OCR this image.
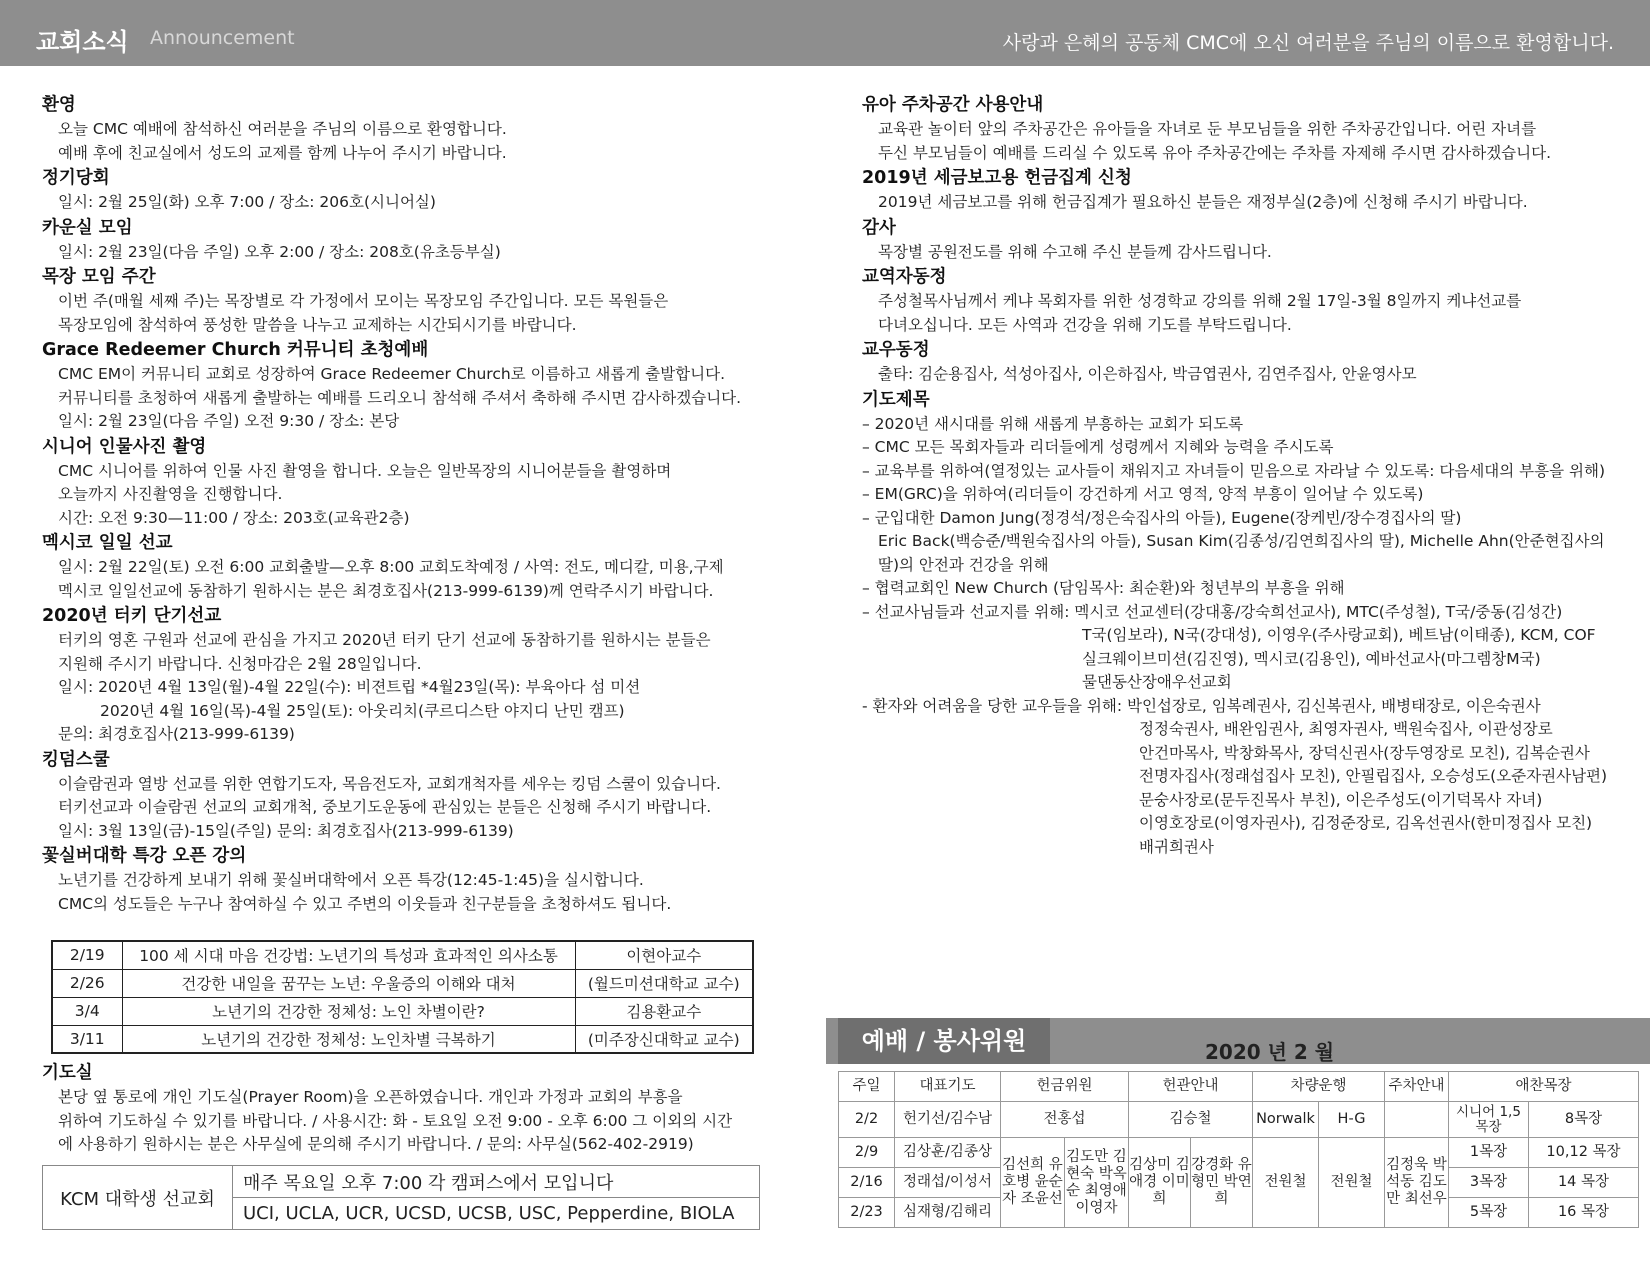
교회소식 Announcement	사랑과 은혜의 공동체 CMC에 오신 여러분을 주님의 이름으로 환영합니다.
환영
오늘 CMC 예배에 참석하신 여러분을 주님의 이름으로 환영합니다.
예배 후에 친교실에서 성도의 교제를 함께 나누어 주시기 바랍니다.
정기당회
일시: 2월 25일(화) 오후 7:00 / 장소: 206호(시니어실)
카운실 모임
일시: 2월 23일(다음 주일) 오후 2:00 / 장소: 208호(유초등부실)
목장 모임 주간
이번 주(매월 세째 주)는 목장별로 각 가정에서 모이는 목장모임 주간입니다. 모든 목원들은
목장모임에 참석하여 풍성한 말씀을 나누고 교제하는 시간되시기를 바랍니다.
Grace Redeemer Church 커뮤니티 초청예배
CMC EM이 커뮤니티 교회로 성장하여 Grace Redeemer Church로 이름하고 새롭게 출발합니다.
커뮤니티를 초청하여 새롭게 출발하는 예배를 드리오니 참석해 주셔서 축하해 주시면 감사하겠습니다.
일시: 2월 23일(다음 주일) 오전 9:30 / 장소: 본당
시니어 인물사진 촬영
CMC 시니어를 위하여 인물 사진 촬영을 합니다. 오늘은 일반목장의 시니어분들을 촬영하며
오늘까지 사진촬영을 진행합니다.
시간: 오전 9:30—11:00 / 장소: 203호(교육관2층)
멕시코 일일 선교
일시: 2월 22일(토) 오전 6:00 교회출발—오후 8:00 교회도착예정 / 사역: 전도, 메디칼, 미용,구제
멕시코 일일선교에 동참하기 원하시는 분은 최경호집사(213-999-6139)께 연락주시기 바랍니다.
2020년 터키 단기선교
터키의 영혼 구원과 선교에 관심을 가지고 2020년 터키 단기 선교에 동참하기를 원하시는 분들은
지원해 주시기 바랍니다. 신청마감은 2월 28일입니다.
일시: 2020년 4월 13일(월)-4월 22일(수): 비젼트립 *4월23일(목): 부육아다 섬 미션
2020년 4월 16일(목)-4월 25일(토): 아웃리치(쿠르디스탄 야지디 난민 캠프)
문의: 최경호집사(213-999-6139)
킹덤스쿨
이슬람권과 열방 선교를 위한 연합기도자, 목음전도자, 교회개척자를 세우는 킹덤 스쿨이 있습니다.
터키선교과 이슬람권 선교의 교회개척, 중보기도운동에 관심있는 분들은 신청해 주시기 바랍니다.
일시: 3월 13일(금)-15일(주일) 문의: 최경호집사(213-999-6139)
꽃실버대학 특강 오픈 강의
노년기를 건강하게 보내기 위해 꽃실버대학에서 오픈 특강(12:45-1:45)을 실시합니다.
CMC의 성도들은 누구나 참여하실 수 있고 주변의 이웃들과 친구분들을 초청하셔도 됩니다.
2/19	100 세 시대 마음 건강법: 노년기의 특성과 효과적인 의사소통	이현아교수
2/26	건강한 내일을 꿈꾸는 노년: 우울증의 이해와 대처	(월드미션대학교 교수)
3/4	노년기의 건강한 정체성: 노인 차별이란?	김용환교수
3/11	노년기의 건강한 정체성: 노인차별 극복하기	(미주장신대학교 교수)
기도실
본당 옆 통로에 개인 기도실(Prayer Room)을 오픈하였습니다. 개인과 가정과 교회의 부흥을
위하여 기도하실 수 있기를 바랍니다. / 사용시간: 화 - 토요일 오전 9:00 - 오후 6:00 그 이외의 시간
에 사용하기 원하시는 분은 사무실에 문의해 주시기 바랍니다. / 문의: 사무실(562-402-2919)
KCM 대학생 선교회	매주 목요일 오후 7:00 각 캠퍼스에서 모입니다
UCI, UCLA, UCR, UCSD, UCSB, USC, Pepperdine, BIOLA
유아 주차공간 사용안내
교육관 놀이터 앞의 주차공간은 유아들을 자녀로 둔 부모님들을 위한 주차공간입니다. 어린 자녀를
두신 부모님들이 예배를 드리실 수 있도록 유아 주차공간에는 주차를 자제해 주시면 감사하겠습니다.
2019년 세금보고용 헌금집계 신청
2019년 세금보고를 위해 헌금집계가 필요하신 분들은 재정부실(2층)에 신청해 주시기 바랍니다.
감사
목장별 공원전도를 위해 수고해 주신 분들께 감사드립니다.
교역자동정
주성철목사님께서 케냐 목회자를 위한 성경학교 강의를 위해 2월 17일-3월 8일까지 케냐선교를
다녀오십니다. 모든 사역과 건강을 위해 기도를 부탁드립니다.
교우동정
출타: 김순용집사, 석성아집사, 이은하집사, 박금엽권사, 김연주집사, 안윤영사모
기도제목
– 2020년 새시대를 위해 새롭게 부흥하는 교회가 되도록
– CMC 모든 목회자들과 리더들에게 성령께서 지혜와 능력을 주시도록
– 교육부를 위하여(열정있는 교사들이 채워지고 자녀들이 믿음으로 자라날 수 있도록: 다음세대의 부흥을 위해)
– EM(GRC)을 위하여(리더들이 강건하게 서고 영적, 양적 부흥이 일어날 수 있도록)
– 군입대한 Damon Jung(정경석/정은숙집사의 아들), Eugene(장케빈/장수경집사의 딸)
Eric Back(백승준/백원숙집사의 아들), Susan Kim(김종성/김연희집사의 딸), Michelle Ahn(안준현집사의
딸)의 안전과 건강을 위해
– 협력교회인 New Church (담임목사: 최순환)와 청년부의 부흥을 위해
– 선교사님들과 선교지를 위해: 멕시코 선교센터(강대홍/강숙희선교사), MTC(주성철), T국/중동(김성간)
T국(임보라), N국(강대성), 이영우(주사랑교회), 베트남(이태종), KCM, COF
실크웨이브미션(김진영), 멕시코(김용인), 예바선교사(마그렘창M국)
물댄동산장애우선교회
- 환자와 어려움을 당한 교우들을 위해: 박인섭장로, 임복례권사, 김신복권사, 배병태장로, 이은숙권사
정정숙권사, 배완임권사, 최영자권사, 백원숙집사, 이관성장로
안건마목사, 박창화목사, 장덕신권사(장두영장로 모친), 김복순권사
전명자집사(정래섭집사 모친), 안필립집사, 오승성도(오준자권사남편)
문숭사장로(문두진목사 부친), 이은주성도(이기덕목사 자녀)
이영호장로(이영자권사), 김정준장로, 김옥선권사(한미정집사 모친)
배귀희권사
예배 / 봉사위원	2020 년 2 월
주일	대표기도	헌금위원		헌관안내		차량운행		주차안내	애찬목장	
2/2	헌기선/김수남	전홍섭		김승철		Norwalk	H-G		시니어 1,5 목장	8목장
2/9	김상훈/김종상	김선희 유호병 윤순자 조윤선	김도만 김현숙 박옥순 최영애 이영자	김상미 김애경 이미희	강경화 유형민 박연희	전원철	전원철	김정욱 박석동 김도만 최선우	1목장	10,12 목장
2/16	정래섭/이성서								3목장	14 목장
2/23	심재형/김해리								5목장	16 목장
